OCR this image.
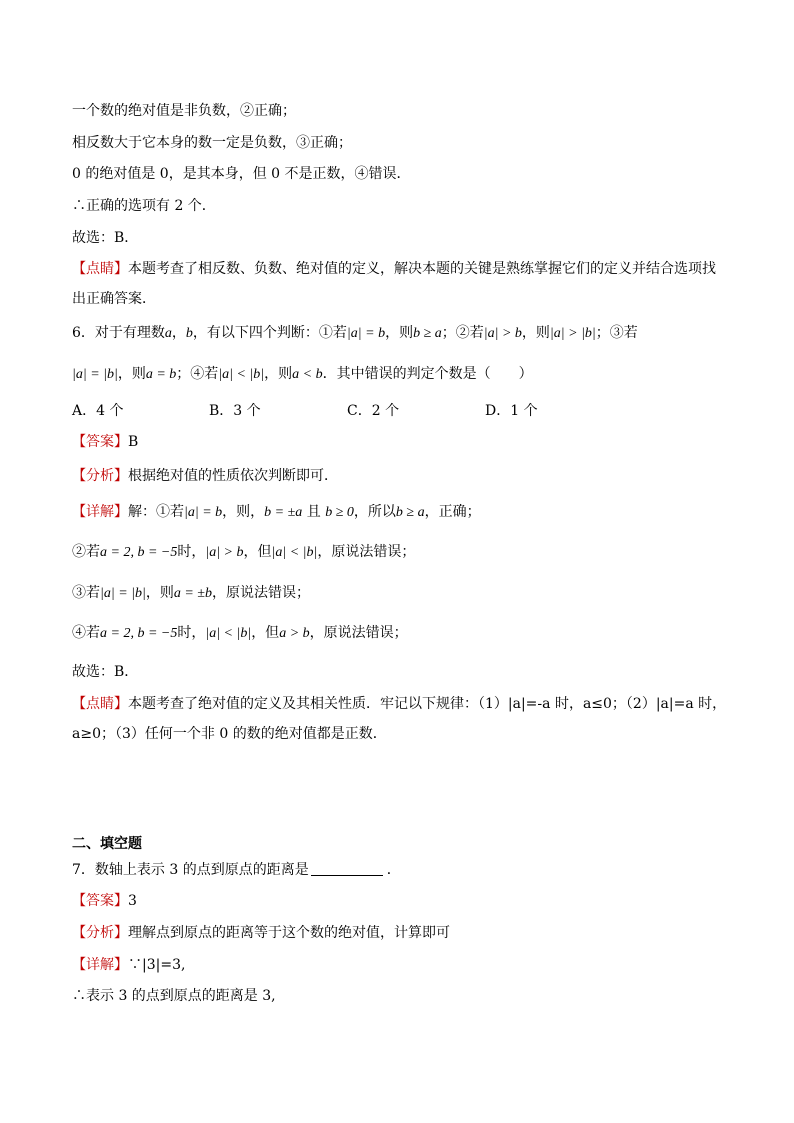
一个数的绝对值是非负数，②正确；
相反数大于它本身的数一定是负数，③正确；
0 的绝对值是 0，是其本身，但 0 不是正数，④错误．
∴正确的选项有 2 个．
故选：B．
【点睛】本题考查了相反数、负数、绝对值的定义，解决本题的关键是熟练掌握它们的定义并结合选项找
出正确答案．
6．对于有理数a，b，有以下四个判断：①若|a| = b，则b ≥ a；②若|a| > b，则|a| > |b|；③若
|a| = |b|，则a = b；④若|a| < |b|，则a < b．其中错误的判定个数是（　　）
A．4 个	B．3 个	C．2 个	D．1 个
【答案】B
【分析】根据绝对值的性质依次判断即可．
【详解】解：①若|a| = b，则，b = ±a 且 b ≥ 0，所以b ≥ a，正确；
②若a = 2, b = −5时，|a| > b，但|a| < |b|，原说法错误；
③若|a| = |b|，则a = ±b，原说法错误；
④若a = 2, b = −5时，|a| < |b|，但a > b，原说法错误；
故选：B．
【点睛】本题考查了绝对值的定义及其相关性质．牢记以下规律：（1）|a|=-a 时，a≤0；（2）|a|=a 时，
a≥0；（3）任何一个非 0 的数的绝对值都是正数．
二、填空题
7．数轴上表示 3 的点到原点的距离是	．
【答案】3
【分析】理解点到原点的距离等于这个数的绝对值，计算即可
【详解】∵|3|=3,
∴表示 3 的点到原点的距离是 3,
